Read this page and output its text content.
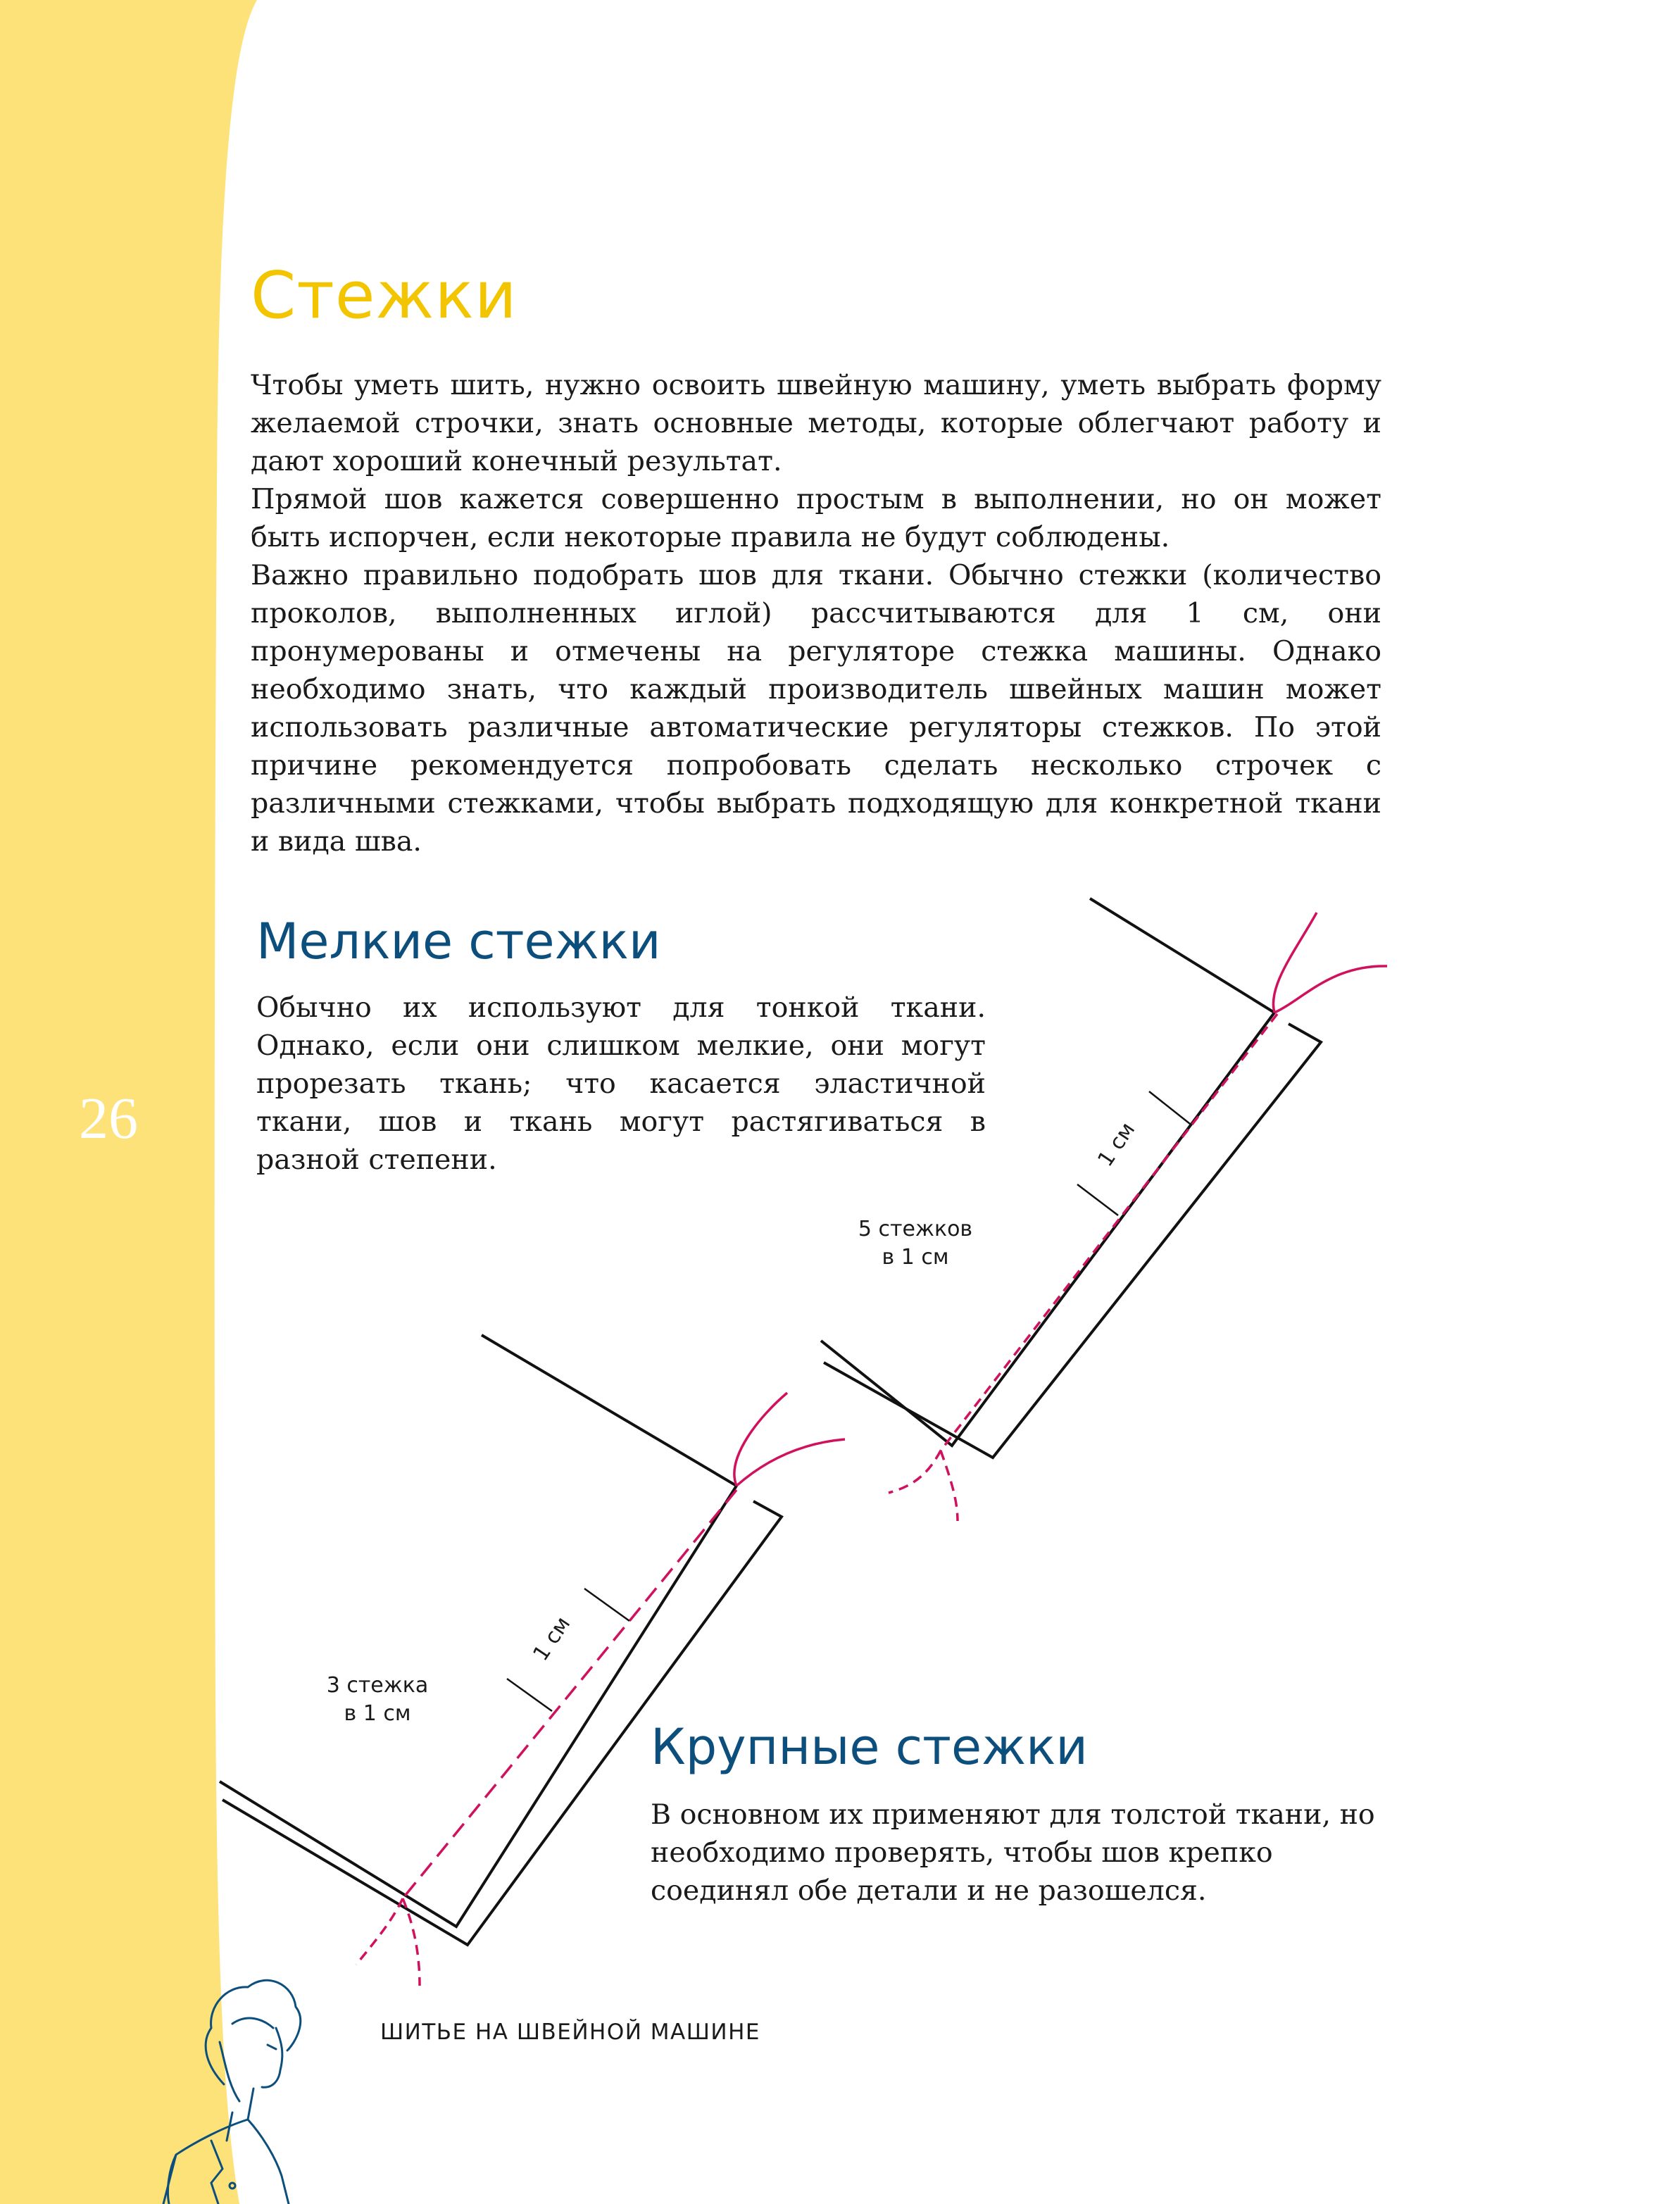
26
Стежки

Чтобы уметь шить, нужно освоить швейную машину, уметь выбрать форму желаемой строчки, знать основные методы, которые облегчают работу и дают хороший конечный результат.

Прямой шов кажется совершенно простым в выполнении, но он может быть испорчен, если некоторые правила не будут соблюдены.

Важно правильно подобрать шов для ткани. Обычно стежки (количество проколов, выполненных иглой) рассчитываются для 1 см, они пронумерованы и отмечены на регуляторе стежка машины. Однако необходимо знать, что каждый производитель швейных машин может использовать различные автоматические регуляторы стежков. По этой причине рекомендуется попробовать сделать несколько строчек с различными стежками, чтобы выбрать подходящую для конкретной ткани и вида шва.

Мелкие стежки
Обычно их используют для тонкой ткани. Однако, если они слишком мелкие, они могут прорезать ткань; что касается эластичной ткани, шов и ткань могут растягиваться в разной степени.
Крупные стежки
В основном их применяют для толстой ткани, но необходимо проверять, чтобы шов крепко соединял обе детали и не разошелся.
5 стежков
в 1 см
1 см
3 стежка
в 1 см
1 см
ШИТЬЕ НА ШВЕЙНОЙ МАШИНЕ
